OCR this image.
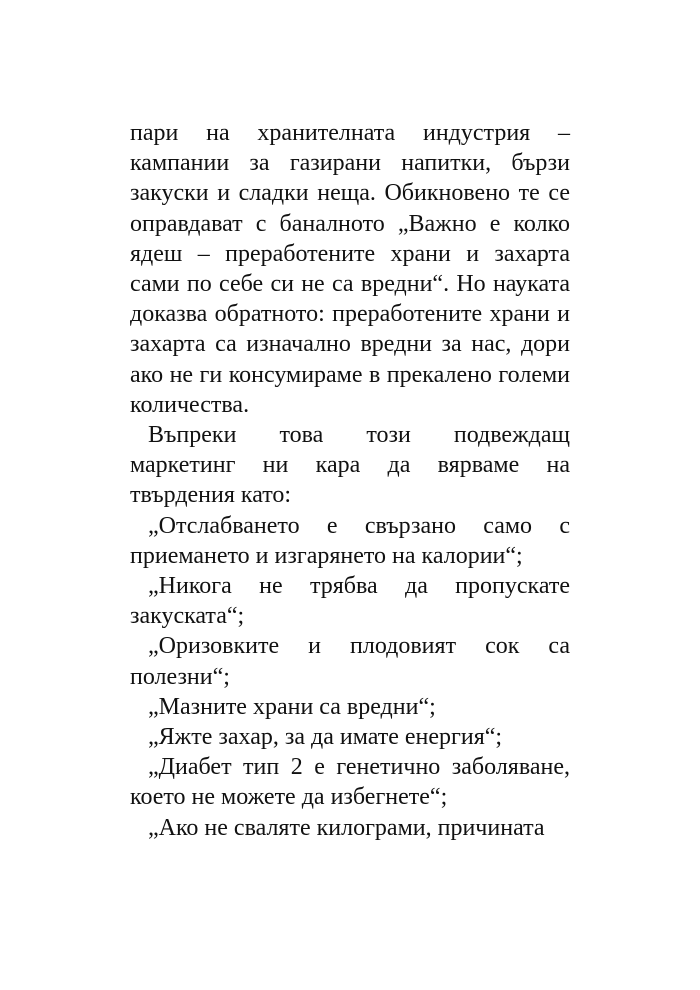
пари на хранителната индустрия – кампании за газирани напитки, бързи закуски и сладки неща. Обикновено те се оправдават с баналното „Важно е колко ядеш – преработените храни и захарта сами по себе си не са вредни“. Но науката доказва обратното: преработените храни и захарта са изначално вредни за нас, дори ако не ги консумираме в прекалено големи количества.

Въпреки това този подвеждащ маркетинг ни кара да вярваме на твърдения като:

„Отслабването е свързано само с приемането и изгарянето на калории“;

„Никога не трябва да пропускате закуската“;

„Оризовките и плодовият сок са полезни“;

„Мазните храни са вредни“;

„Яжте захар, за да имате енергия“;

„Диабет тип 2 е генетично заболяване, което не можете да избегнете“;

„Ако не сваляте килограми, причината
